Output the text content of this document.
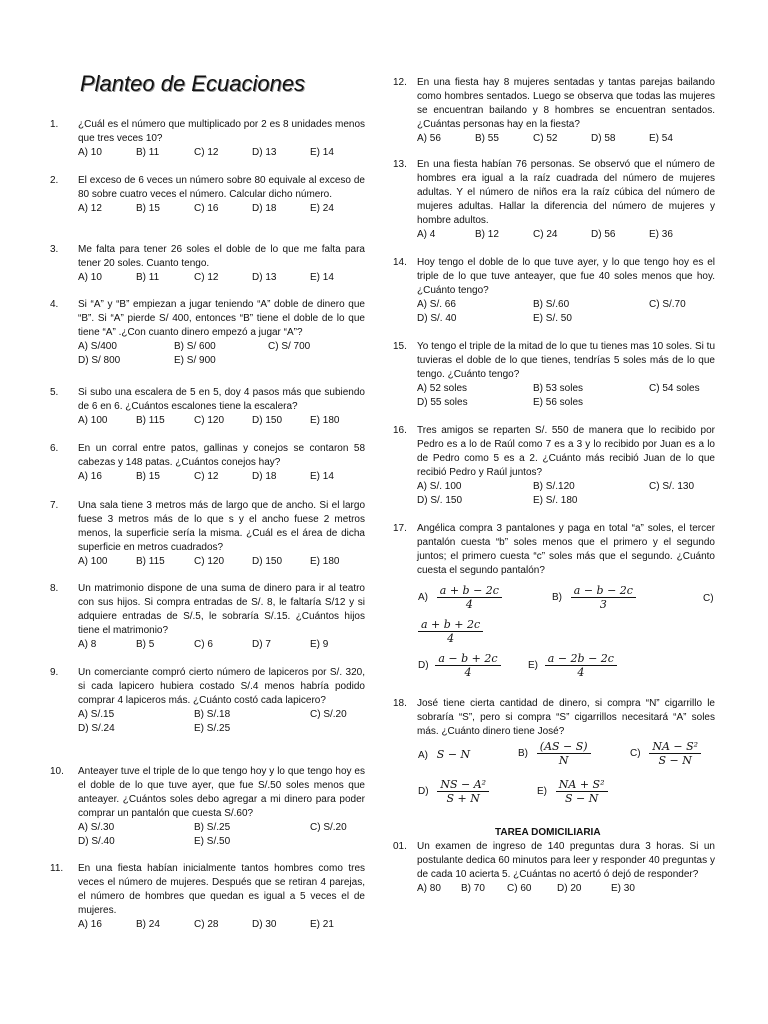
Planteo de Ecuaciones
1. ¿Cuál es el número que multiplicado por 2 es 8 unidades menos que tres veces 10?
A) 10	B) 11	C) 12	D) 13	E) 14
2. El exceso de 6 veces un número sobre 80 equivale al exceso de 80 sobre cuatro veces el número. Calcular dicho número.
A) 12	B) 15	C) 16	D) 18	E) 24
3. Me falta para tener 26 soles el doble de lo que me falta para tener 20 soles. Cuanto tengo.
A) 10	B) 11	C) 12	D) 13	E) 14
4. Si “A” y “B” empiezan a jugar teniendo “A” doble de dinero que “B”. Si “A” pierde S/ 400, entonces “B” tiene el doble de lo que tiene “A” .¿Con cuanto dinero empezó a jugar “A”?
A) S/400	B) S/ 600	C) S/ 700
D) S/ 800	E) S/ 900
5. Si subo una escalera de 5 en 5, doy 4 pasos más que subiendo de 6 en 6. ¿Cuántos escalones tiene la escalera?
A) 100	B) 115	C) 120	D) 150	E) 180
6. En un corral entre patos, gallinas y conejos se contaron 58 cabezas y 148 patas. ¿Cuántos conejos hay?
A) 16	B) 15	C) 12	D) 18	E) 14
7. Una sala tiene 3 metros más de largo que de ancho. Si el largo fuese 3 metros más de lo que s y el ancho fuese 2 metros menos, la superficie sería la misma. ¿Cuál es el área de dicha superficie en metros cuadrados?
A) 100	B) 115	C) 120	D) 150	E) 180
8. Un matrimonio dispone de una suma de dinero para ir al teatro con sus hijos. Si compra entradas de S/. 8, le faltaría S/12 y si adquiere entradas de S/.5, le sobraría S/.15. ¿Cuántos hijos tiene el matrimonio?
A) 8	B) 5	C) 6	D) 7	E) 9
9. Un comerciante compró cierto número de lapiceros por S/. 320, si cada lapicero hubiera costado S/.4 menos habría podido comprar 4 lapiceros más. ¿Cuánto costó cada lapicero?
A) S/.15	B) S/.18	C) S/.20
D) S/.24	E) S/.25
10. Anteayer tuve el triple de lo que tengo hoy y lo que tengo hoy es el doble de lo que tuve ayer, que fue S/.50 soles menos que anteayer. ¿Cuántos soles debo agregar a mi dinero para poder comprar un pantalón que cuesta S/.60?
A) S/.30	B) S/.25	C) S/.20
D) S/.40	E) S/.50
11. En una fiesta habían inicialmente tantos hombres como tres veces el número de mujeres. Después que se retiran 4 parejas, el número de hombres que quedan es igual a 5 veces el de mujeres.
A) 16	B) 24	C) 28	D) 30	E) 21
12. En una fiesta hay 8 mujeres sentadas y tantas parejas bailando como hombres sentados. Luego se observa que todas las mujeres se encuentran bailando y 8 hombres se encuentran sentados. ¿Cuántas personas hay en la fiesta?
A) 56	B) 55	C) 52	D) 58	E) 54
13. En una fiesta habían 76 personas. Se observó que el número de hombres era igual a la raíz cuadrada del número de mujeres adultas. Y el número de niños era la raíz cúbica del número de mujeres adultas. Hallar la diferencia del número de mujeres y hombre adultos.
A) 4	B) 12	C) 24	D) 56	E) 36
14. Hoy tengo el doble de lo que tuve ayer, y lo que tengo hoy es el triple de lo que tuve anteayer, que fue 40 soles menos que hoy. ¿Cuánto tengo?
A) S/. 66	B) S/.60	C) S/.70
D) S/. 40	E) S/. 50
15. Yo tengo el triple de la mitad de lo que tu tienes mas 10 soles. Si tu tuvieras el doble de lo que tienes, tendrías 5 soles más de lo que tengo. ¿Cuánto tengo?
A) 52 soles	B) 53 soles	C) 54 soles
D) 55 soles	E) 56 soles
16. Tres amigos se reparten S/. 550 de manera que lo recibido por Pedro es a lo de Raúl como 7 es a 3 y lo recibido por Juan es a lo de Pedro como 5 es a 2. ¿Cuánto más recibió Juan de lo que recibió Pedro y Raúl juntos?
A) S/. 100	B) S/.120	C) S/. 130
D) S/. 150	E) S/. 180
17. Angélica compra 3 pantalones y paga en total “a” soles, el tercer pantalón cuesta “b” soles menos que el primero y el segundo juntos; el primero cuesta “c” soles más que el segundo. ¿Cuánto cuesta el segundo pantalón?
18. José tiene cierta cantidad de dinero, si compra “N” cigarrillo le sobraría “S”, pero si compra “S” cigarrillos necesitará “A” soles más. ¿Cuánto dinero tiene José?
$A) \frac{a + b - 2c}{4}$	$B) \frac{a - b - 2c}{3}$	C)
$\frac{a + b + 2c}{4}$
$D) \frac{a - b + 2c}{4}$	$E) \frac{a - 2b - 2c}{4}$
A) S − N	$B) \frac{(AS - S)}{N}$	$C) \frac{\text{NA − S²}}{S - N}$
$D) \frac{\text{NS − A²}}{S + N}$	$E) \frac{\text{NA + S²}}{S - N}$
TAREA DOMICILIARIA
01. Un examen de ingreso de 140 preguntas dura 3 horas. Si un postulante dedica 60 minutos para leer y responder 40 preguntas y de cada 10 acierta 5. ¿Cuántas no acertó ó dejó de responder?
A) 80 B) 70 C) 60	D) 20	E) 30
